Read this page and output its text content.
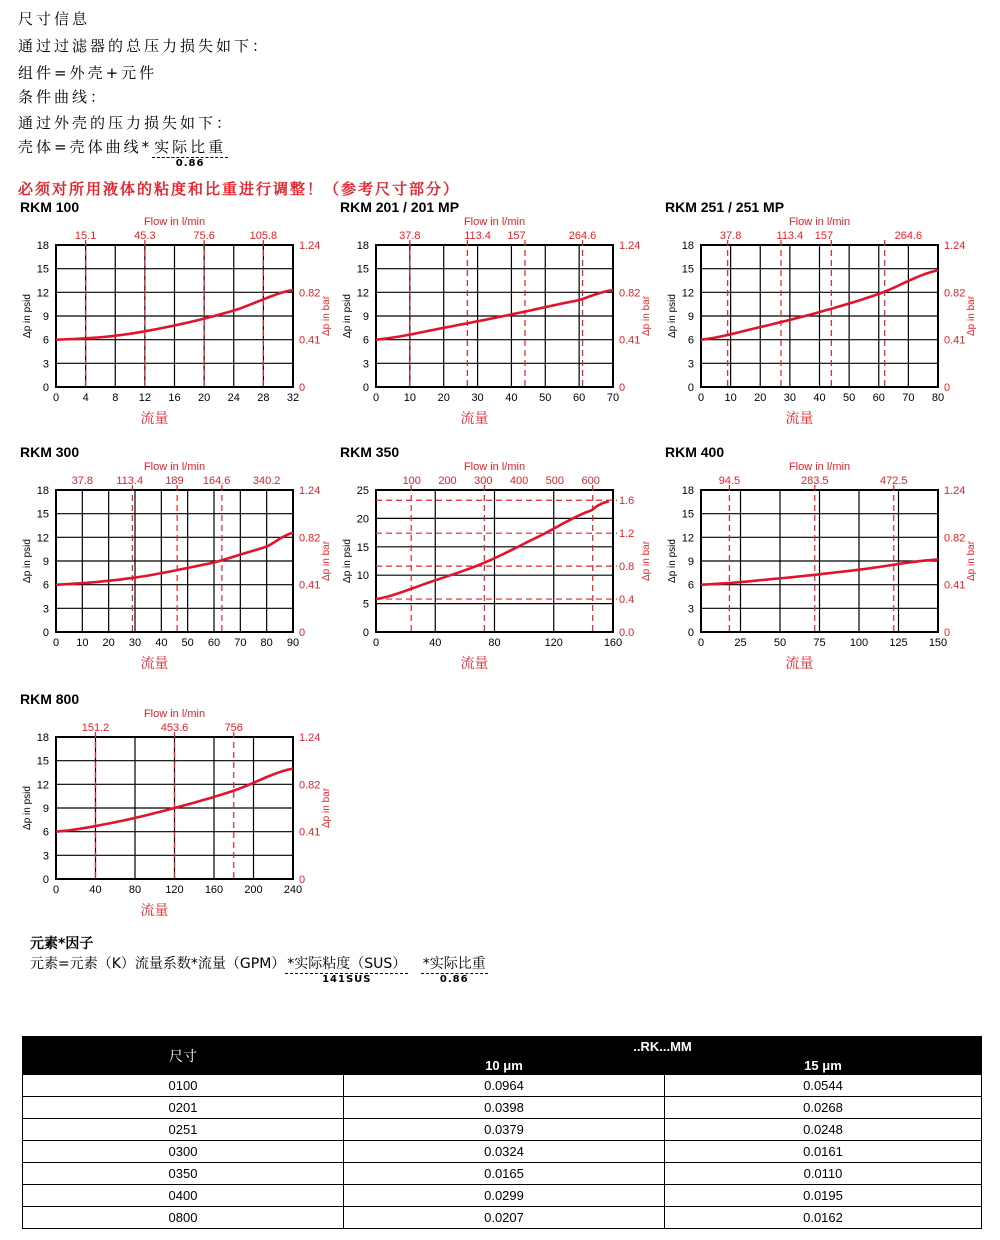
尺寸信息
通过过滤器的总压力损失如下：
组件=外壳+元件
条件曲线：
通过外壳的压力损失如下：
壳体=壳体曲线* $\frac{\text{实际比重}}{0.86}$
必须对所用液体的粘度和比重进行调整！（参考尺寸部分）
RKM 100
Flow in l/min
0 4 8 12 16 20 24 28 32
0
3
6
9
12
15
18
15.1	45.3	75.6	105.8
0
0.41
0.82
1.24
Δp in psid	Δp in bar
流量
RKM 201 / 201 MP
Flow in l/min
0 10 20 30 40 50 60 70
0
3
6
9
12
15
18
37.8	113.4 157	264.6
0
0.41
0.82
1.24
Δp in psid	Δp in bar
流量
RKM 251 / 251 MP
Flow in l/min
0 10 20 30 40 50 60 70 80
0
3
6
9
12
15
18
37.8	113.4 157	264.6
0
0.41
0.82
1.24
Δp in psid	Δp in bar
流量
RKM 300
Flow in l/min
0 10 20 30 40 50 60 70 80 90
0
3
6
9
12
15
18
37.8 113.4 189 164.6 340.2
0
0.41
0.82
1.24
Δp in psid	Δp in bar
流量
RKM 350
Flow in l/min
0	40	80	120	160
0
5
10
15
20
25
100 200 300 400 500 600
0.0
0.4
0.8
1.2
1.6
Δp in psid	Δp in bar
流量
RKM 400
Flow in l/min
0	25 50 75 100 125 150
0
3
6
9
12
15
18
94.5	283.5	472.5
0
0.41
0.82
1.24
Δp in psid	Δp in bar
流量
RKM 800
Flow in l/min
0	40 80 120 160 200 240
0
3
6
9
12
15
18
151.2	453.6	756
0
0.41
0.82
1.24
Δp in psid	Δp in bar
流量
元素*因子
元素=元素（K）流量系数*流量$(GPM) \frac{\text{*实际粘度（SUS）}}{\text{141SUS}}$
$\frac{\text{*实际比重}}{0.86}$
尺寸	..RK...MM	
	10 μm	15 μm
0100	0.0964	0.0544
0201	0.0398	0.0268
0251	0.0379	0.0248
0300	0.0324	0.0161
0350	0.0165	0.0110
0400	0.0299	0.0195
0800	0.0207	0.0162
